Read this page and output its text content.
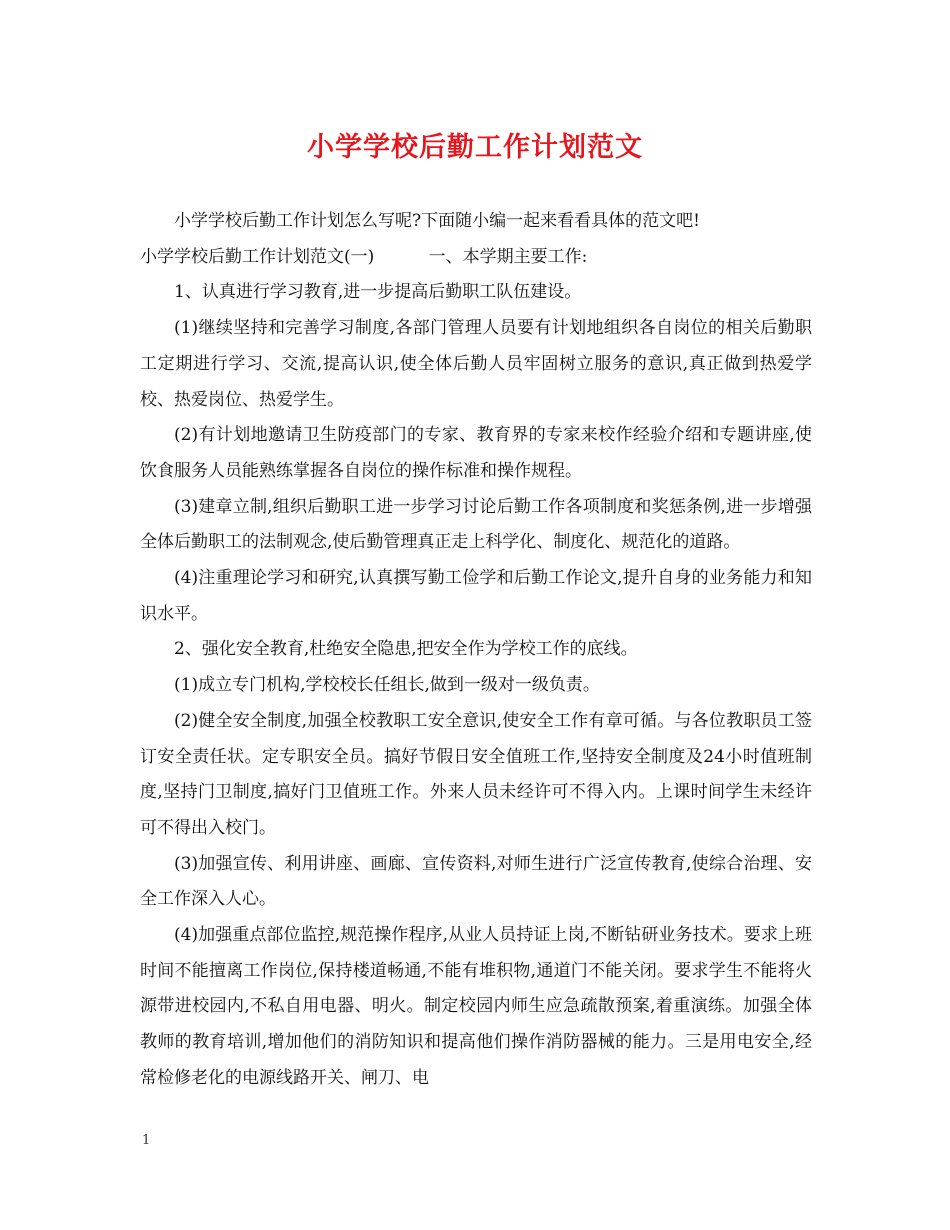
小学学校后勤工作计划范文

小学学校后勤工作计划怎么写呢?下面随小编一起来看看具体的范文吧!

小学学校后勤工作计划范文(一)	一、本学期主要工作:

1、认真进行学习教育,进一步提高后勤职工队伍建设。

(1)继续坚持和完善学习制度,各部门管理人员要有计划地组织各自岗位的相关后勤职工定期进行学习、交流,提高认识,使全体后勤人员牢固树立服务的意识,真正做到热爱学校、热爱岗位、热爱学生。

(2)有计划地邀请卫生防疫部门的专家、教育界的专家来校作经验介绍和专题讲座,使饮食服务人员能熟练掌握各自岗位的操作标准和操作规程。

(3)建章立制,组织后勤职工进一步学习讨论后勤工作各项制度和奖惩条例,进一步增强全体后勤职工的法制观念,使后勤管理真正走上科学化、制度化、规范化的道路。

(4)注重理论学习和研究,认真撰写勤工俭学和后勤工作论文,提升自身的业务能力和知识水平。

2、强化安全教育,杜绝安全隐患,把安全作为学校工作的底线。

(1)成立专门机构,学校校长任组长,做到一级对一级负责。

(2)健全安全制度,加强全校教职工安全意识,使安全工作有章可循。与各位教职员工签订安全责任状。定专职安全员。搞好节假日安全值班工作,坚持安全制度及24小时值班制度,坚持门卫制度,搞好门卫值班工作。外来人员未经许可不得入内。上课时间学生未经许可不得出入校门。

(3)加强宣传、利用讲座、画廊、宣传资料,对师生进行广泛宣传教育,使综合治理、安全工作深入人心。

(4)加强重点部位监控,规范操作程序,从业人员持证上岗,不断钻研业务技术。要求上班时间不能擅离工作岗位,保持楼道畅通,不能有堆积物,通道门不能关闭。要求学生不能将火源带进校园内,不私自用电器、明火。制定校园内师生应急疏散预案,着重演练。加强全体教师的教育培训,增加他们的消防知识和提高他们操作消防器械的能力。三是用电安全,经常检修老化的电源线路开关、闸刀、电

1
